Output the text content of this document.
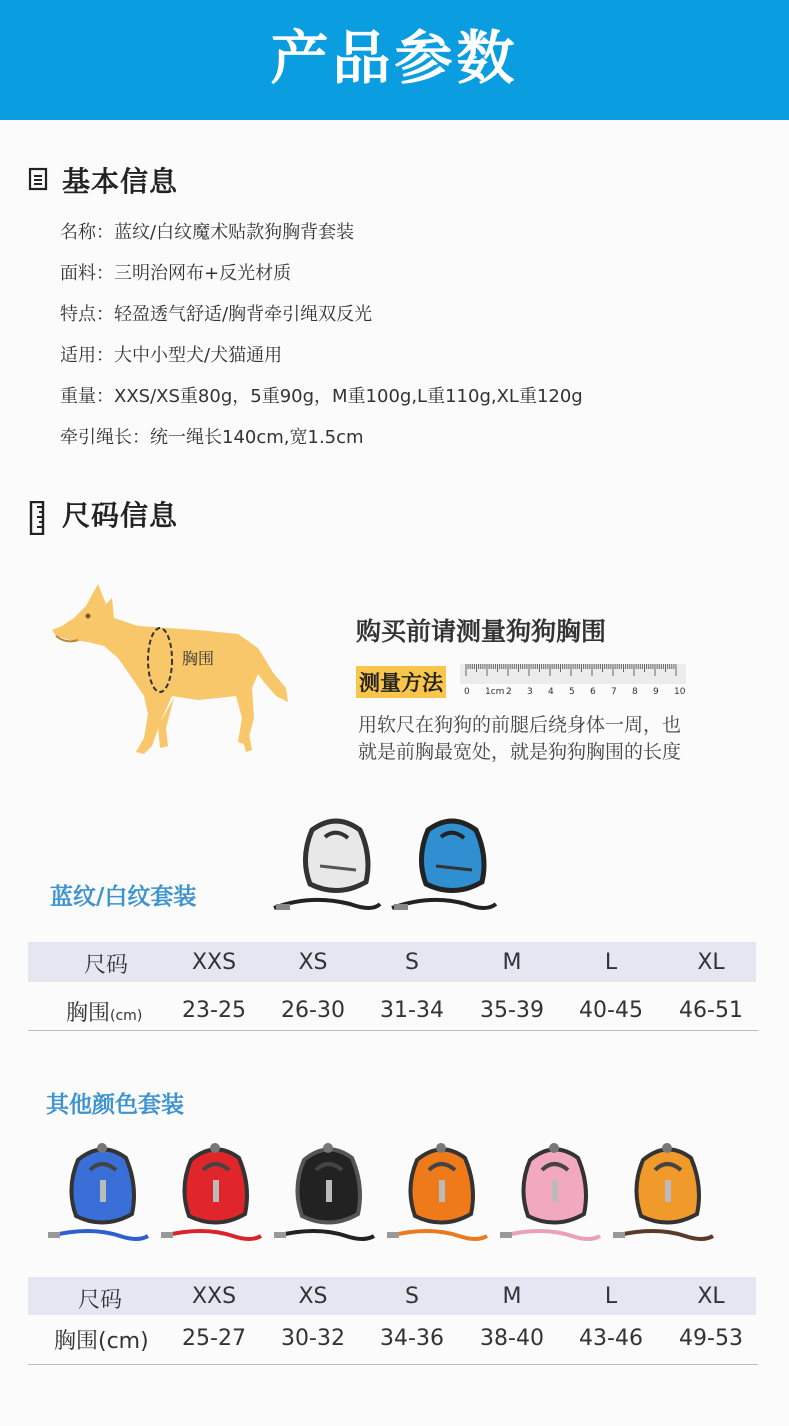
产品参数
基本信息
名称：蓝纹/白纹魔术贴款狗胸背套装
面料：三明治网布+反光材质
特点：轻盈透气舒适/胸背牵引绳双反光
适用：大中小型犬/犬猫通用
重量：XXS/XS重80g，5重90g，M重100g,L重110g,XL重120g
牵引绳长：统一绳长140cm,宽1.5cm
尺码信息
胸围
购买前请测量狗狗胸围
测量方法	0 1cm 2 3 4 5 6 7 8 9 10
用软尺在狗狗的前腿后绕身体一周，也
就是前胸最宽处，就是狗狗胸围的长度
蓝纹/白纹套装
尺码	XXS	XS	S	M	L	XL
胸围(cm)	23-25	26-30	31-34	35-39	40-45	46-51
其他颜色套装
尺码	XXS	XS	S	M	L	XL
胸围(cm)	25-27	30-32	34-36	38-40	43-46	49-53
